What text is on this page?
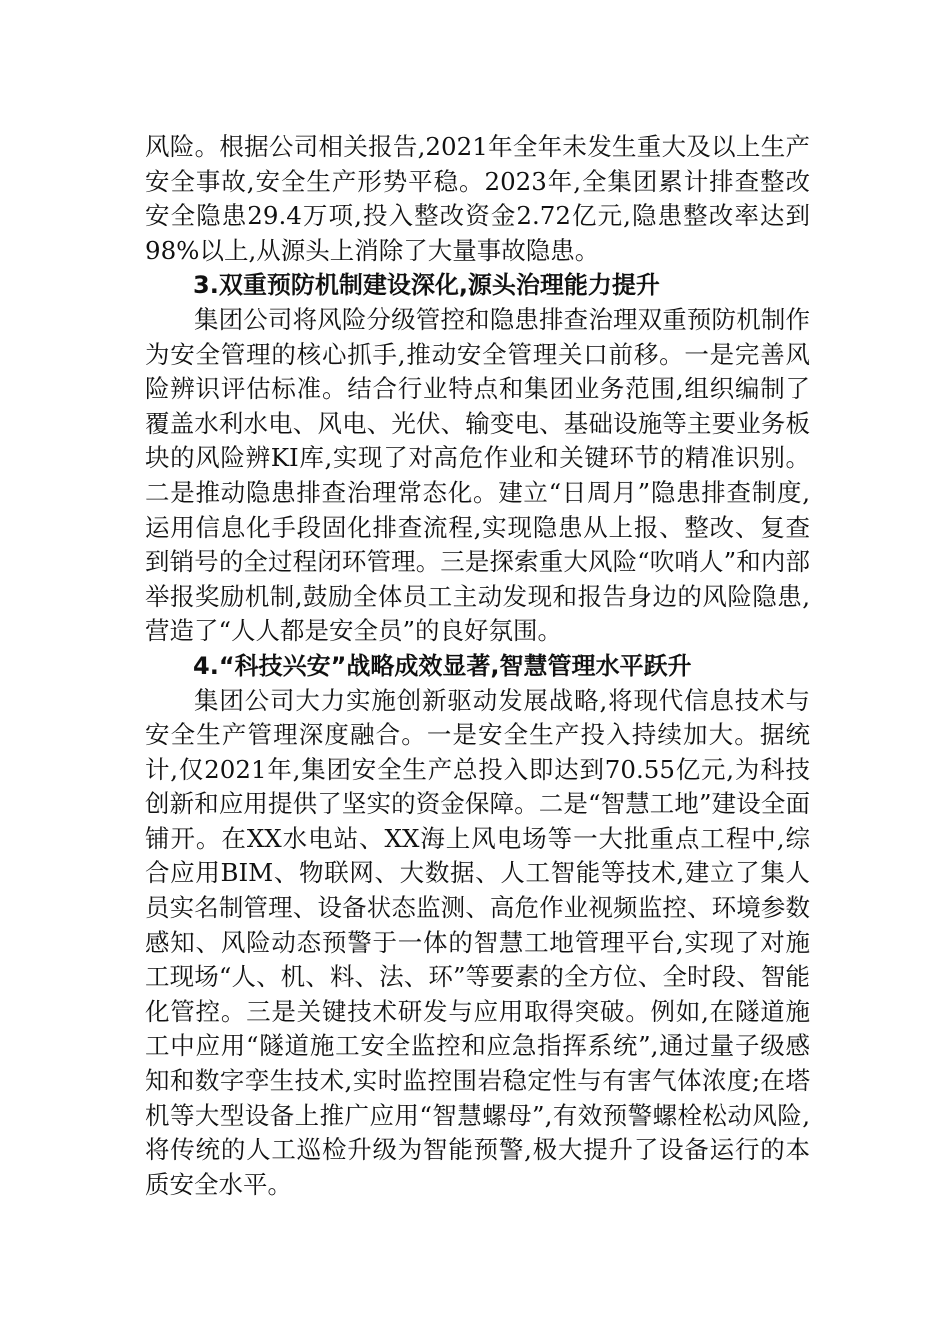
风险。根据公司相关报告,2021年全年未发生重大及以上生产安全事故,安全生产形势平稳。2023年,全集团累计排查整改安全隐患29.4万项,投入整改资金2.72亿元,隐患整改率达到98%以上,从源头上消除了大量事故隐患。

3.双重预防机制建设深化,源头治理能力提升

集团公司将风险分级管控和隐患排查治理双重预防机制作为安全管理的核心抓手,推动安全管理关口前移。一是完善风险辨识评估标准。结合行业特点和集团业务范围,组织编制了覆盖水利水电、风电、光伏、输变电、基础设施等主要业务板块的风险辨KI库,实现了对高危作业和关键环节的精准识别。二是推动隐患排查治理常态化。建立“日周月”隐患排查制度,运用信息化手段固化排查流程,实现隐患从上报、整改、复查到销号的全过程闭环管理。三是探索重大风险“吹哨人”和内部举报奖励机制,鼓励全体员工主动发现和报告身边的风险隐患,营造了“人人都是安全员”的良好氛围。

4.“科技兴安”战略成效显著,智慧管理水平跃升

集团公司大力实施创新驱动发展战略,将现代信息技术与安全生产管理深度融合。一是安全生产投入持续加大。据统计,仅2021年,集团安全生产总投入即达到70.55亿元,为科技创新和应用提供了坚实的资金保障。二是“智慧工地”建设全面铺开。在XX水电站、XX海上风电场等一大批重点工程中,综合应用BIM、物联网、大数据、人工智能等技术,建立了集人员实名制管理、设备状态监测、高危作业视频监控、环境参数感知、风险动态预警于一体的智慧工地管理平台,实现了对施工现场“人、机、料、法、环”等要素的全方位、全时段、智能化管控。三是关键技术研发与应用取得突破。例如,在隧道施工中应用“隧道施工安全监控和应急指挥系统”,通过量子级感知和数字孪生技术,实时监控围岩稳定性与有害气体浓度;在塔机等大型设备上推广应用“智慧螺母”,有效预警螺栓松动风险,将传统的人工巡检升级为智能预警,极大提升了设备运行的本质安全水平。
